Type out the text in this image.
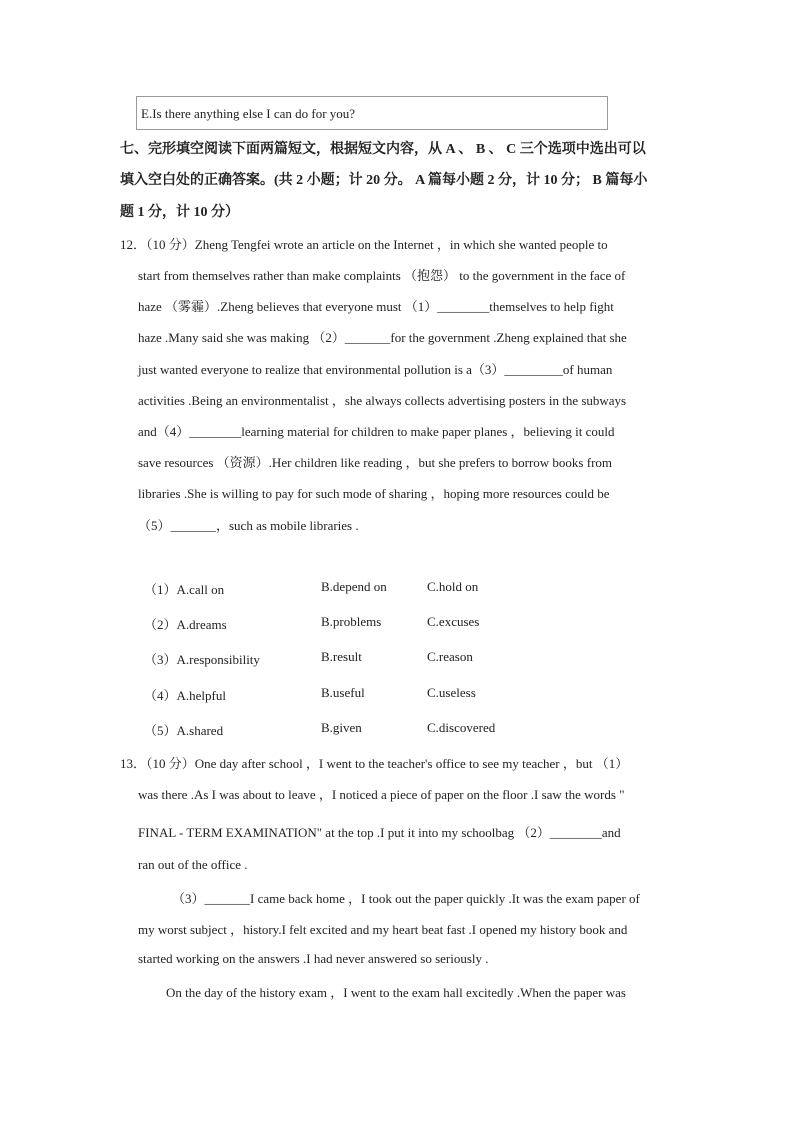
E.Is there anything else I can do for you?
七、完形填空阅读下面两篇短文，根据短文内容，从 A 、 B 、 C 三个选项中选出可以
填入空白处的正确答案。(共 2 小题；计 20 分。 A 篇每小题 2 分，计 10 分； B 篇每小
题 1 分，计 10 分）
12．（10 分）Zheng Tengfei wrote an article on the Internet ，in which she wanted people to
start from themselves rather than make complaints （抱怨） to the government in the face of
haze （雾霾）.Zheng believes that everyone must （1）________themselves to help fight
haze .Many said she was making （2）_______for the government .Zheng explained that she
just wanted everyone to realize that environmental pollution is a（3）_________of human
activities .Being an environmentalist ，she always collects advertising posters in the subways
and（4）________learning material for children to make paper planes ，believing it could
save resources （资源）.Her children like reading ，but she prefers to borrow books from
libraries .She is willing to pay for such mode of sharing ，hoping more resources could be
（5）_______，such as mobile libraries .
（1）A.call on	B.depend on	C.hold on
（2）A.dreams	B.problems	C.excuses
（3）A.responsibility	B.result	C.reason
（4）A.helpful	B.useful	C.useless
（5）A.shared	B.given	C.discovered
13．（10 分）One day after school ，I went to the teacher's office to see my teacher ，but （1）
was there .As I was about to leave ，I noticed a piece of paper on the floor .I saw the words "
FINAL - TERM EXAMINATION" at the top .I put it into my schoolbag （2）________and
ran out of the office .
（3）_______I came back home ，I took out the paper quickly .It was the exam paper of
my worst subject ，history.I felt excited and my heart beat fast .I opened my history book and
started working on the answers .I had never answered so seriously .
On the day of the history exam ，I went to the exam hall excitedly .When the paper was
